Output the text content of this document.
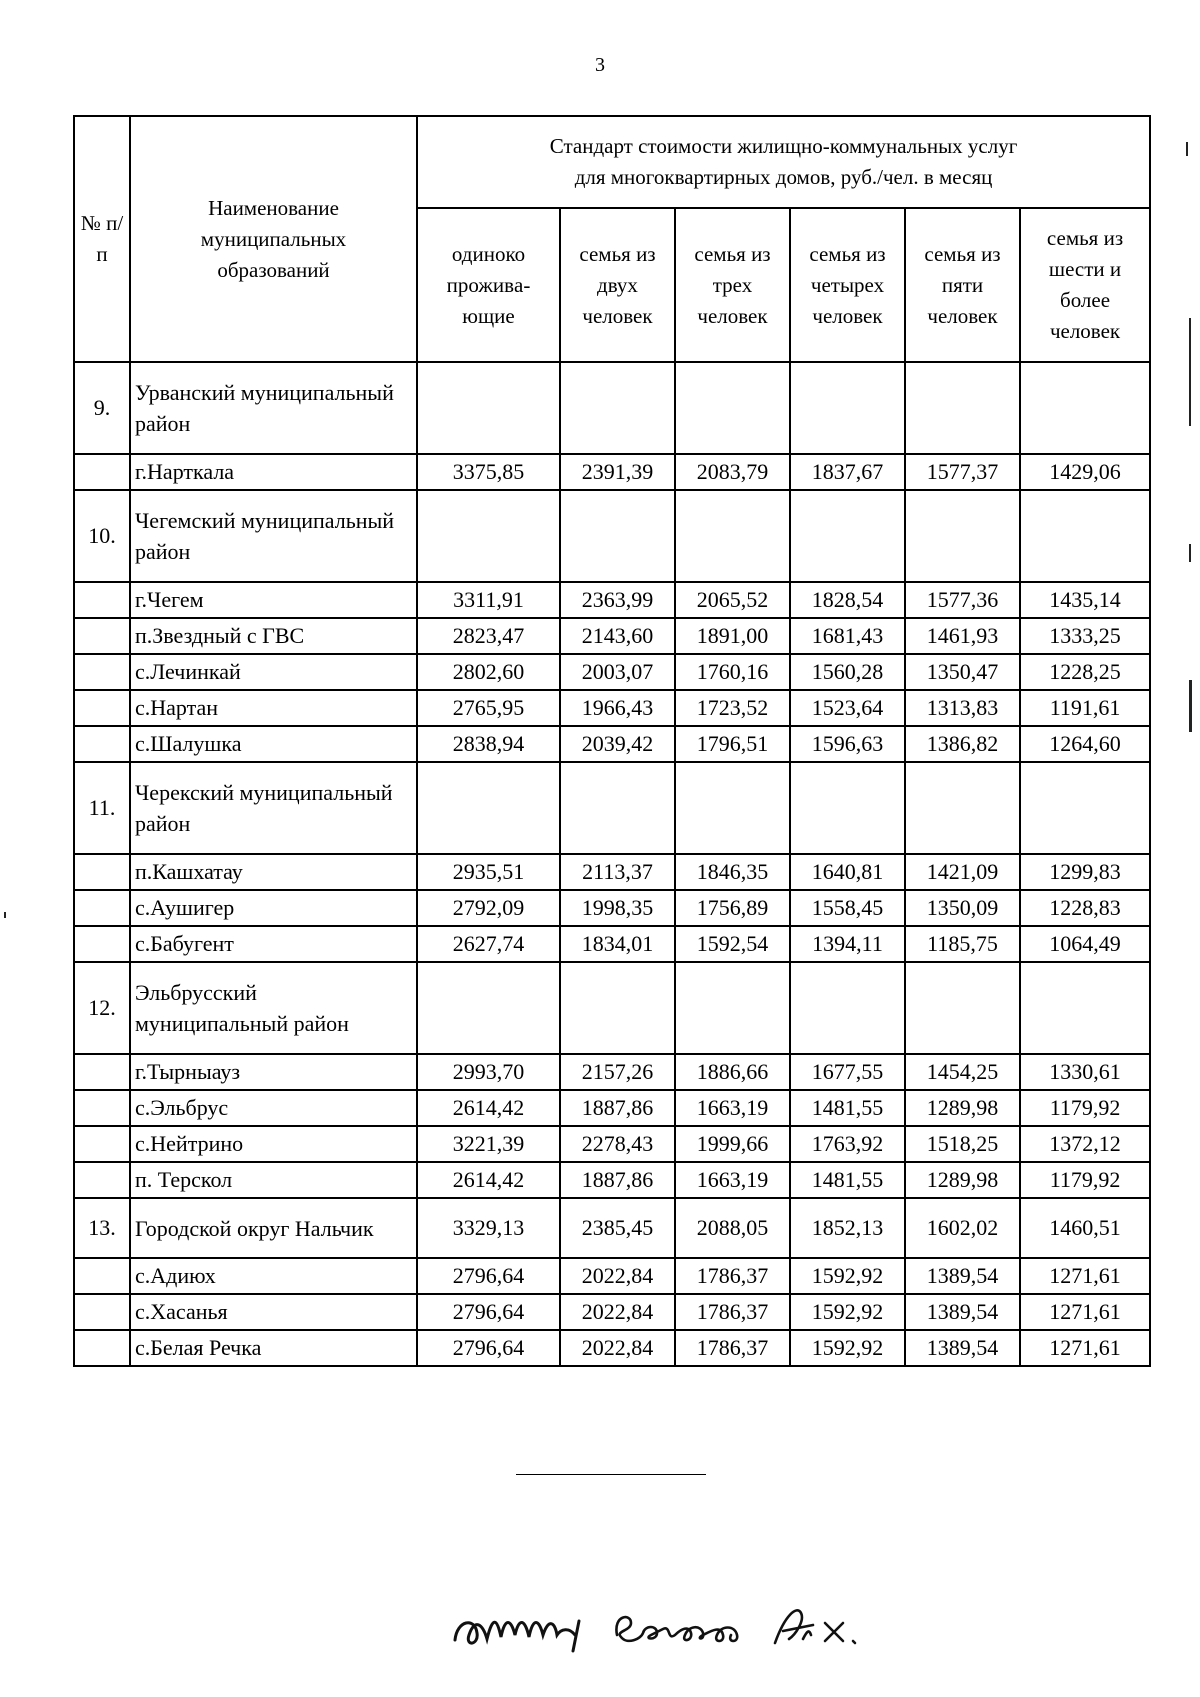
3
№ п/п	Наименование муниципальных образований	Стандарт стоимости жилищно-коммунальных услуг
для многоквартирных домов, руб./чел. в месяц					

		одиноко проживa-ющие	семья из двух человек	семья из трех человек	семья из четырех человек	семья из пяти человек	семья из шести и более человек
9.	Урванский муниципальный район						
	г.Нарткала	3375,85	2391,39	2083,79	1837,67	1577,37	1429,06
10.	Чегемский муниципальный район						
	г.Чегем	3311,91	2363,99	2065,52	1828,54	1577,36	1435,14
	п.Звездный с ГВС	2823,47	2143,60	1891,00	1681,43	1461,93	1333,25
	с.Лечинкай	2802,60	2003,07	1760,16	1560,28	1350,47	1228,25
	с.Нартан	2765,95	1966,43	1723,52	1523,64	1313,83	1191,61
	с.Шалушка	2838,94	2039,42	1796,51	1596,63	1386,82	1264,60
11.	Черекский муниципальный район						
	п.Кашхатау	2935,51	2113,37	1846,35	1640,81	1421,09	1299,83
	с.Аушигер	2792,09	1998,35	1756,89	1558,45	1350,09	1228,83
	с.Бабугент	2627,74	1834,01	1592,54	1394,11	1185,75	1064,49
12.	Эльбрусский муниципальный район						
	г.Тырныауз	2993,70	2157,26	1886,66	1677,55	1454,25	1330,61
	с.Эльбрус	2614,42	1887,86	1663,19	1481,55	1289,98	1179,92
	с.Нейтрино	3221,39	2278,43	1999,66	1763,92	1518,25	1372,12
	п. Терскол	2614,42	1887,86	1663,19	1481,55	1289,98	1179,92
13.	Городской округ Нальчик	3329,13	2385,45	2088,05	1852,13	1602,02	1460,51
	с.Адиюх	2796,64	2022,84	1786,37	1592,92	1389,54	1271,61
	с.Хасанья	2796,64	2022,84	1786,37	1592,92	1389,54	1271,61
	с.Белая Речка	2796,64	2022,84	1786,37	1592,92	1389,54	1271,61
